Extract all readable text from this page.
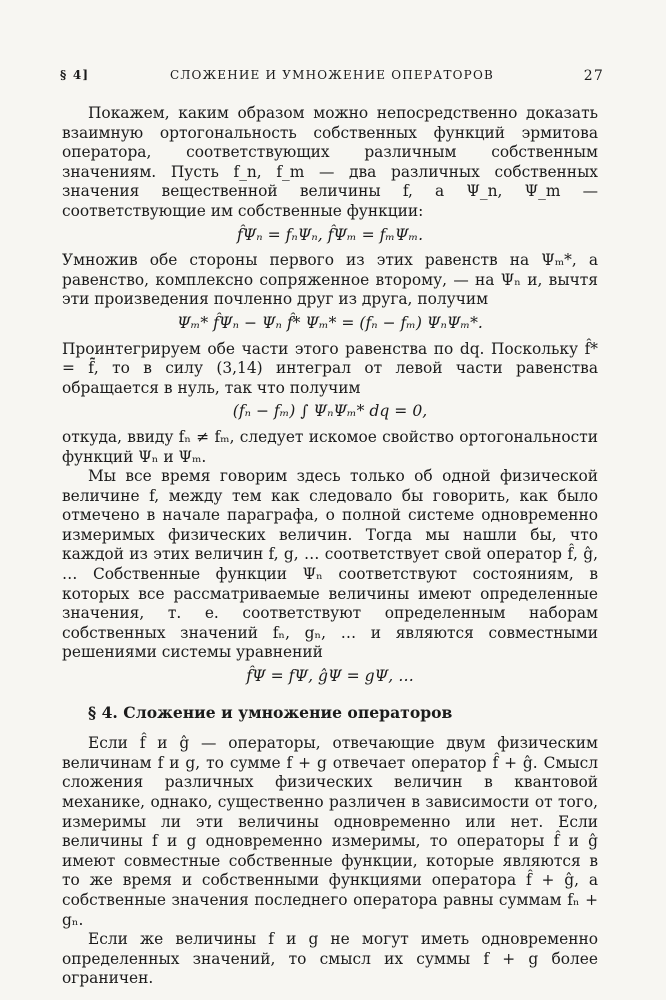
§ 4]	СЛОЖЕНИЕ И УМНОЖЕНИЕ ОПЕРАТОРОВ	27

Покажем, каким образом можно непосредственно доказать взаимную ортогональность собственных функций эрмитова оператора, соответствующих различным собственным значениям. Пусть f_n, f_m — два различных собственных значения вещественной величины f, а Ψ_n, Ψ_m — соответствующие им собственные функции:

f̂Ψₙ = fₙΨₙ, f̂Ψₘ = fₘΨₘ.

Умножив обе стороны первого из этих равенств на Ψₘ*, а равенство, комплексно сопряженное второму, — на Ψₙ и, вычтя эти произведения почленно друг из друга, получим

Ψₘ* f̂Ψₙ − Ψₙ f̂* Ψₘ* = (fₙ − fₘ) ΨₙΨₘ*.

Проинтегрируем обе части этого равенства по dq. Поскольку f̂* = f̂̃, то в силу (3,14) интеграл от левой части равенства обращается в нуль, так что получим

(fₙ − fₘ) ∫ ΨₙΨₘ* dq = 0,

откуда, ввиду fₙ ≠ fₘ, следует искомое свойство ортогональности функций Ψₙ и Ψₘ.

Мы все время говорим здесь только об одной физической величине f, между тем как следовало бы говорить, как было отмечено в начале параграфа, о полной системе одновременно измеримых физических величин. Тогда мы нашли бы, что каждой из этих величин f, g, … соответствует свой оператор f̂, ĝ, … Собственные функции Ψₙ соответствуют состояниям, в которых все рассматриваемые величины имеют определенные значения, т. е. соответствуют определенным наборам собственных значений fₙ, gₙ, … и являются совместными решениями системы уравнений

f̂Ψ = fΨ, ĝΨ = gΨ, …
§ 4. Сложение и умножение операторов

Если f̂ и ĝ — операторы, отвечающие двум физическим величинам f и g, то сумме f + g отвечает оператор f̂ + ĝ. Смысл сложения различных физических величин в квантовой механике, однако, существенно различен в зависимости от того, измеримы ли эти величины одновременно или нет. Если величины f и g одновременно измеримы, то операторы f̂ и ĝ имеют совместные собственные функции, которые являются в то же время и собственными функциями оператора f̂ + ĝ, а собственные значения последнего оператора равны суммам fₙ + gₙ.

Если же величины f и g не могут иметь одновременно определенных значений, то смысл их суммы f + g более ограничен.
